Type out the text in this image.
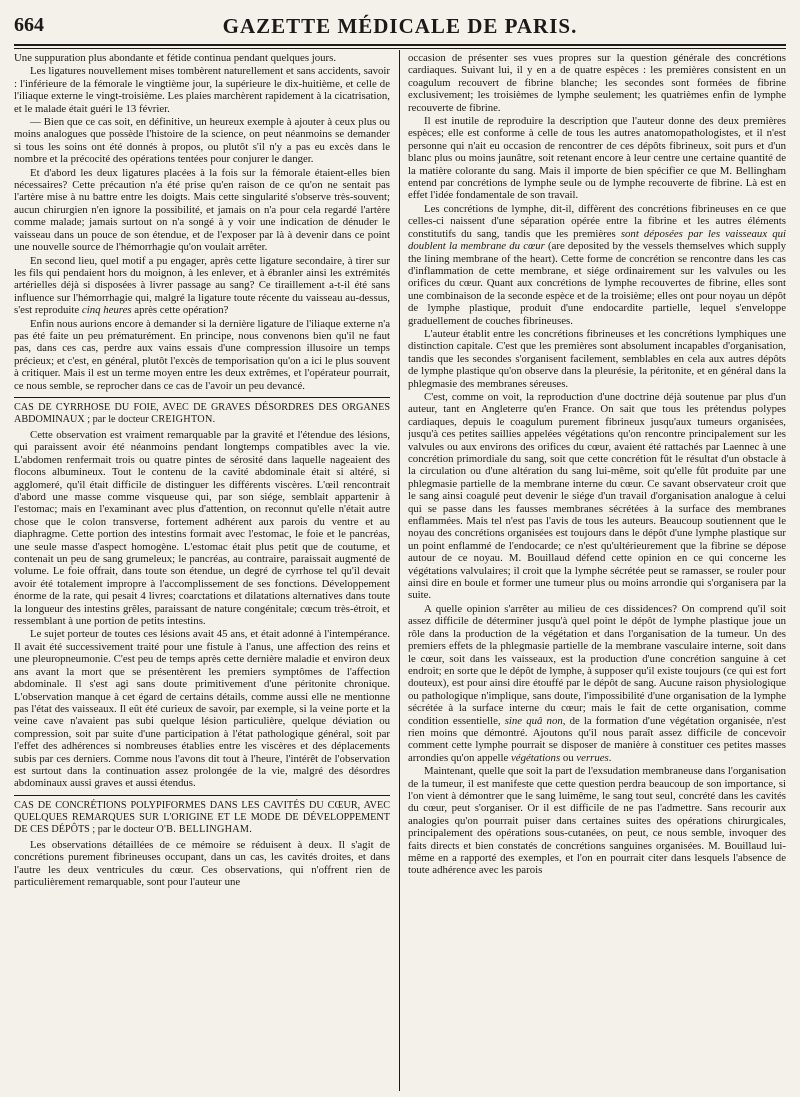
664	GAZETTE MÉDICALE DE PARIS.

Une suppuration plus abondante et fétide continua pendant quelques jours.

Les ligatures nouvellement mises tombèrent naturellement et sans accidents, savoir : l'inférieure de la fémorale le vingtième jour, la supérieure le dix-huitième, et celle de l'iliaque externe le vingt-troisième. Les plaies marchèrent rapidement à la cicatrisation, et le malade était guéri le 13 février.

— Bien que ce cas soit, en définitive, un heureux exemple à ajouter à ceux plus ou moins analogues que possède l'histoire de la science, on peut néanmoins se demander si tous les soins ont été donnés à propos, ou plutôt s'il n'y a pas eu excès dans le nombre et la précocité des opérations tentées pour conjurer le danger.

Et d'abord les deux ligatures placées à la fois sur la fémorale étaient-elles bien nécessaires? Cette précaution n'a été prise qu'en raison de ce qu'on ne sentait pas l'artère mise à nu battre entre les doigts. Mais cette singularité s'observe très-souvent; aucun chirurgien n'en ignore la possibilité, et jamais on n'a pour cela regardé l'artère comme malade; jamais surtout on n'a songé à y voir une indication de dénuder le vaisseau dans un pouce de son étendue, et de l'exposer par là à devenir dans ce point une nouvelle source de l'hémorrhagie qu'on voulait arrêter.

En second lieu, quel motif a pu engager, après cette ligature secondaire, à tirer sur les fils qui pendaient hors du moignon, à les enlever, et à ébranler ainsi les extrémités artérielles déjà si disposées à livrer passage au sang? Ce tiraillement a-t-il été sans influence sur l'hémorrhagie qui, malgré la ligature toute récente du vaisseau au-dessus, s'est reproduite cinq heures après cette opération?

Enfin nous aurions encore à demander si la dernière ligature de l'iliaque externe n'a pas été faite un peu prématurément. En principe, nous convenons bien qu'il ne faut pas, dans ces cas, perdre aux vains essais d'une compression illusoire un temps précieux; et c'est, en général, plutôt l'excès de temporisation qu'on a ici le plus souvent à critiquer. Mais il est un terme moyen entre les deux extrêmes, et l'opérateur pourrait, ce nous semble, se reprocher dans ce cas de l'avoir un peu devancé.

CAS DE CYRRHOSE DU FOIE, AVEC DE GRAVES DÉSORDRES DES ORGANES ABDOMINAUX ; par le docteur CREIGHTON.

Cette observation est vraiment remarquable par la gravité et l'étendue des lésions, qui paraissent avoir été néanmoins pendant longtemps compatibles avec la vie. L'abdomen renfermait trois ou quatre pintes de sérosité dans laquelle nageaient des flocons albumineux. Tout le contenu de la cavité abdominale était si altéré, si agglomeré, qu'il était difficile de distinguer les différents viscères. L'œil rencontrait d'abord une masse comme visqueuse qui, par son siége, semblait appartenir à l'estomac; mais en l'examinant avec plus d'attention, on reconnut qu'elle n'était autre chose que le colon transverse, fortement adhérent aux parois du ventre et au diaphragme. Cette portion des intestins formait avec l'estomac, le foie et le pancréas, une seule masse d'aspect homogène. L'estomac était plus petit que de coutume, et contenait un peu de sang grumeleux; le pancréas, au contraire, paraissait augmenté de volume. Le foie offrait, dans toute son étendue, un degré de cyrrhose tel qu'il devait avoir été totalement impropre à l'accomplissement de ses fonctions. Développement énorme de la rate, qui pesait 4 livres; coarctations et dilatations alternatives dans toute la longueur des intestins grêles, paraissant de nature congénitale; cœcum très-étroit, et ressemblant à une portion de petits intestins.

Le sujet porteur de toutes ces lésions avait 45 ans, et était adonné à l'intempérance. Il avait été successivement traité pour une fistule à l'anus, une affection des reins et une pleuropneumonie. C'est peu de temps après cette dernière maladie et environ deux ans avant la mort que se présentèrent les premiers symptômes de l'affection abdominale. Il s'est agi sans doute primitivement d'une péritonite chronique. L'observation manque à cet égard de certains détails, comme aussi elle ne mentionne pas l'état des vaisseaux. Il eût été curieux de savoir, par exemple, si la veine porte et la veine cave n'avaient pas subi quelque lésion particulière, quelque déviation ou compression, soit par suite d'une participation à l'état pathologique général, soit par l'effet des adhérences si nombreuses établies entre les viscères et des déplacements subis par ces derniers. Comme nous l'avons dit tout à l'heure, l'intérêt de l'observation est surtout dans la continuation assez prolongée de la vie, malgré des désordres abdominaux aussi graves et aussi étendus.

CAS DE CONCRÉTIONS POLYPIFORMES DANS LES CAVITÉS DU CŒUR, AVEC QUELQUES REMARQUES SUR L'ORIGINE ET LE MODE DE DÉVELOPPEMENT DE CES DÉPÔTS ; par le docteur O'B. BELLINGHAM.

Les observations détaillées de ce mémoire se réduisent à deux. Il s'agit de concrétions purement fibrineuses occupant, dans un cas, les cavités droites, et dans l'autre les deux ventricules du cœur. Ces observations, qui n'offrent rien de particulièrement remarquable, sont pour l'auteur une

occasion de présenter ses vues propres sur la question générale des concrétions cardiaques. Suivant lui, il y en a de quatre espèces : les premières consistent en un coagulum recouvert de fibrine blanche; les secondes sont formées de fibrine exclusivement; les troisièmes de lymphe seulement; les quatrièmes enfin de lymphe recouverte de fibrine.

Il est inutile de reproduire la description que l'auteur donne des deux premières espèces; elle est conforme à celle de tous les autres anatomopathologistes, et il n'est personne qui n'ait eu occasion de rencontrer de ces dépôts fibrineux, soit purs et d'un blanc plus ou moins jaunâtre, soit retenant encore à leur centre une certaine quantité de la matière colorante du sang. Mais il importe de bien spécifier ce que M. Bellingham entend par concrétions de lymphe seule ou de lymphe recouverte de fibrine. Là est en effet l'idée fondamentale de son travail.

Les concrétions de lymphe, dit-il, diffèrent des concrétions fibrineuses en ce que celles-ci naissent d'une séparation opérée entre la fibrine et les autres éléments constitutifs du sang, tandis que les premières sont déposées par les vaisseaux qui doublent la membrane du cœur (are deposited by the vessels themselves which supply the lining membrane of the heart). Cette forme de concrétion se rencontre dans les cas d'inflammation de cette membrane, et siége ordinairement sur les valvules ou les orifices du cœur. Quant aux concrétions de lymphe recouvertes de fibrine, elles sont une combinaison de la seconde espèce et de la troisième; elles ont pour noyau un dépôt de lymphe plastique, produit d'une endocardite partielle, lequel s'enveloppe graduellement de couches fibrineuses.

L'auteur établit entre les concrétions fibrineuses et les concrétions lymphiques une distinction capitale. C'est que les premières sont absolument incapables d'organisation, tandis que les secondes s'organisent facilement, semblables en cela aux autres dépôts de lymphe plastique qu'on observe dans la pleurésie, la péritonite, et en général dans la phlegmasie des membranes séreuses.

C'est, comme on voit, la reproduction d'une doctrine déjà soutenue par plus d'un auteur, tant en Angleterre qu'en France. On sait que tous les prétendus polypes cardiaques, depuis le coagulum purement fibrineux jusqu'aux tumeurs organisées, jusqu'à ces petites saillies appelées végétations qu'on rencontre principalement sur les valvules ou aux environs des orifices du cœur, avaient été rattachés par Laennec à une concrétion primordiale du sang, soit que cette concrétion fût le résultat d'un obstacle à la circulation ou d'une altération du sang lui-même, soit qu'elle fût produite par une phlegmasie partielle de la membrane interne du cœur. Ce savant observateur croit que le sang ainsi coagulé peut devenir le siége d'un travail d'organisation analogue à celui qui se passe dans les fausses membranes sécrétées à la surface des membranes enflammées. Mais tel n'est pas l'avis de tous les auteurs. Beaucoup soutiennent que le noyau des concrétions organisées est toujours dans le dépôt d'une lymphe plastique sur un point enflammé de l'endocarde; ce n'est qu'ultérieurement que la fibrine se dépose autour de ce noyau. M. Bouillaud défend cette opinion en ce qui concerne les végétations valvulaires; il croit que la lymphe sécrétée peut se ramasser, se rouler pour ainsi dire en boule et former une tumeur plus ou moins arrondie qui s'organisera par la suite.

A quelle opinion s'arrêter au milieu de ces dissidences? On comprend qu'il soit assez difficile de déterminer jusqu'à quel point le dépôt de lymphe plastique joue un rôle dans la production de la végétation et dans l'organisation de la tumeur. Un des premiers effets de la phlegmasie partielle de la membrane vasculaire interne, soit dans le cœur, soit dans les vaisseaux, est la production d'une concrétion sanguine à cet endroit; en sorte que le dépôt de lymphe, à supposer qu'il existe toujours (ce qui est fort douteux), est pour ainsi dire étouffé par le dépôt de sang. Aucune raison physiologique ou pathologique n'implique, sans doute, l'impossibilité d'une organisation de la lymphe sécrétée à la surface interne du cœur; mais le fait de cette organisation, comme condition essentielle, sine quâ non, de la formation d'une végétation organisée, n'est rien moins que démontré. Ajoutons qu'il nous paraît assez difficile de concevoir comment cette lymphe pourrait se disposer de manière à constituer ces petites masses arrondies qu'on appelle végétations ou verrues.

Maintenant, quelle que soit la part de l'exsudation membraneuse dans l'organisation de la tumeur, il est manifeste que cette question perdra beaucoup de son importance, si l'on vient à démontrer que le sang luimême, le sang tout seul, concrété dans les cavités du cœur, peut s'organiser. Or il est difficile de ne pas l'admettre. Sans recourir aux analogies qu'on pourrait puiser dans certaines suites des opérations chirurgicales, principalement des opérations sous-cutanées, on peut, ce nous semble, invoquer des faits directs et bien constatés de concrétions sanguines organisées. M. Bouillaud lui-même en a rapporté des exemples, et l'on en pourrait citer dans lesquels l'absence de toute adhérence avec les parois
